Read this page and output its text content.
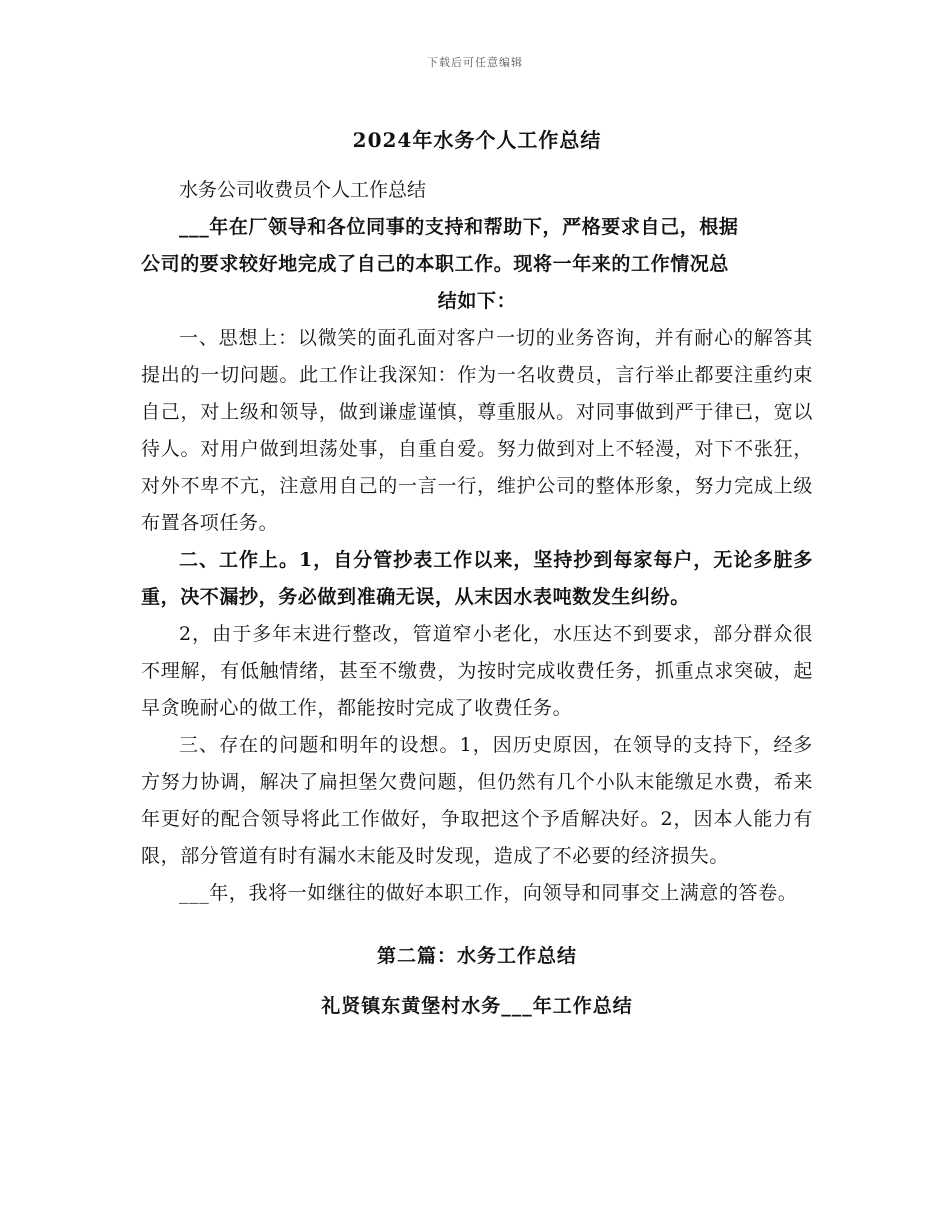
下载后可任意编辑
2024年水务个人工作总结
水务公司收费员个人工作总结

___年在厂领导和各位同事的支持和帮助下，严格要求自己，根据

公司的要求较好地完成了自己的本职工作。现将一年来的工作情况总

结如下：

一、思想上：以微笑的面孔面对客户一切的业务咨询，并有耐心的解答其提出的一切问题。此工作让我深知：作为一名收费员，言行举止都要注重约束自己，对上级和领导，做到谦虚谨慎，尊重服从。对同事做到严于律已，宽以待人。对用户做到坦荡处事，自重自爱。努力做到对上不轻漫，对下不张狂，对外不卑不亢，注意用自己的一言一行，维护公司的整体形象，努力完成上级布置各项任务。

二、工作上。1，自分管抄表工作以来，坚持抄到每家每户，无论多脏多重，决不漏抄，务必做到准确无误，从末因水表吨数发生纠纷。

2，由于多年末进行整改，管道窄小老化，水压达不到要求，部分群众很不理解，有低触情绪，甚至不缴费，为按时完成收费任务，抓重点求突破，起早贪晚耐心的做工作，都能按时完成了收费任务。

三、存在的问题和明年的设想。1，因历史原因，在领导的支持下，经多方努力协调，解决了扁担堡欠费问题，但仍然有几个小队末能缴足水费，希来年更好的配合领导将此工作做好，争取把这个予盾解决好。2，因本人能力有限，部分管道有时有漏水末能及时发现，造成了不必要的经济损失。

___年，我将一如继往的做好本职工作，向领导和同事交上满意的答卷。

第二篇：水务工作总结
礼贤镇东黄堡村水务___年工作总结
